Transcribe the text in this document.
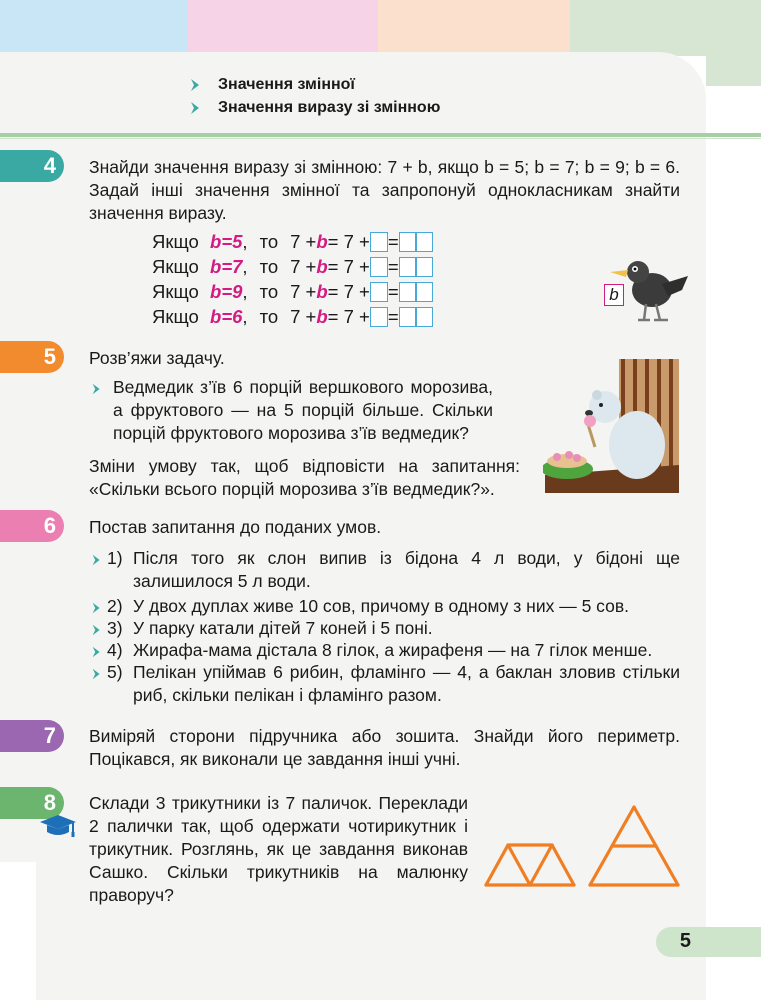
Значення змінної
Значення виразу зі змінною
4	Знайди значення виразу зі змінною: 7 + b, якщо b = 5; b = 7; b = 9; b = 6. Задай інші значення змінної та запропонуй однокласникам знайти значення виразу.
Якщо b = 5 , то 7 + b = 7 + =
Якщо b = 7 , то 7 + b = 7 + =
Якщо b = 9 , то 7 + b = 7 + =
Якщо b = 6 , то 7 + b = 7 + =
b
5	Розв’яжи задачу.
Ведмедик з’їв 6 порцій вершкового морозива, а фруктового — на 5 порцій більше. Скільки порцій фруктового морозива з’їв ведмедик?
Зміни умову так, щоб відповісти на запитання: «Скільки всього порцій морозива з’їв ведмедик?».
6	Постав запитання до поданих умов.
1) Після того як слон випив із бідона 4 л води, у бідоні ще залишилося 5 л води.
2) У двох дуплах живе 10 сов, причому в одному з них — 5 сов.
3) У парку катали дітей 7 коней і 5 поні.
4) Жирафа-мама дістала 8 гілок, а жирафеня — на 7 гілок менше.
5) Пелікан упіймав 6 рибин, фламінго — 4, а баклан зловив стільки риб, скільки пелікан і фламінго разом.
7	Виміряй сторони підручника або зошита. Знайди його периметр. Поцікався, як виконали це завдання інші учні.
8	Склади 3 трикутники із 7 паличок. Переклади 2 палички так, щоб одержати чотирикутник і трикутник. Розглянь, як це завдання виконав Сашко. Скільки трикутників на малюнку праворуч?
5
